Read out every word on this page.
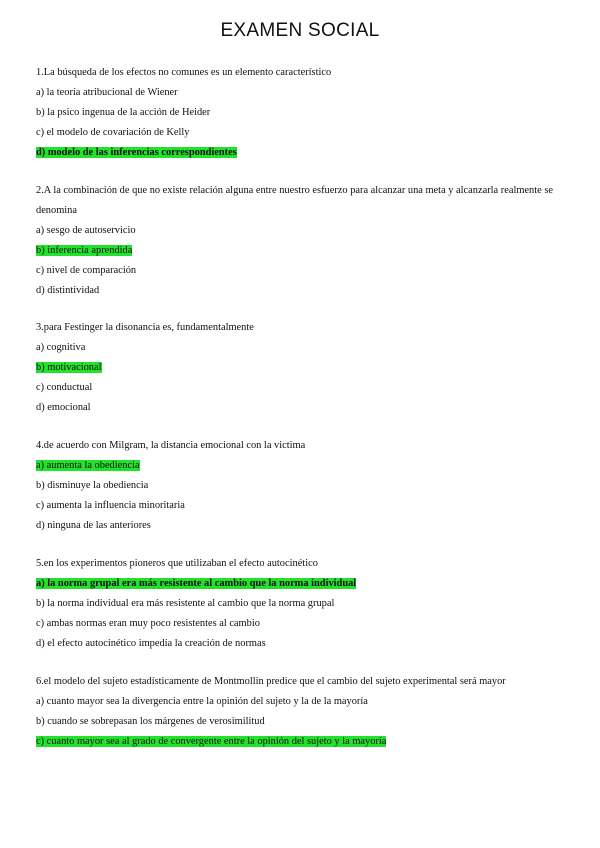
EXAMEN SOCIAL
1.La búsqueda de los efectos no comunes es un elemento característico
a) la teoría atribucional de Wiener
b) la psico ingenua de la acción de Heider
c) el modelo de covariación de Kelly
d) modelo de las inferencias correspondientes
2.A la combinación de que no existe relación alguna entre nuestro esfuerzo para alcanzar una meta y alcanzarla realmente se denomina
a) sesgo de autoservicio
b) inferencia aprendida
c) nivel de comparación
d) distintividad
3.para Festinger la disonancia es, fundamentalmente
a) cognitiva
b) motivacional
c) conductual
d) emocional
4.de acuerdo con Milgram, la distancia emocional con la victima
a) aumenta la obediencia
b) disminuye la obediencia
c) aumenta la influencia minoritaria
d) ninguna de las anteriores
5.en los experimentos pioneros que utilizaban el efecto autocinético
a) la norma grupal era más resistente al cambio que la norma individual
b) la norma individual era más resistente al cambio que la norma grupal
c) ambas normas eran muy poco resistentes al cambio
d) el efecto autocinético impedía la creación de normas
6.el modelo del sujeto estadísticamente de Montmollin predice que el cambio del sujeto experimental será mayor
a) cuanto mayor sea la divergencia entre la opinión del sujeto y la de la mayoría
b) cuando se sobrepasan los márgenes de verosimilitud
c) cuanto mayor sea al grado de convergente entre la opinión del sujeto y la mayoría
